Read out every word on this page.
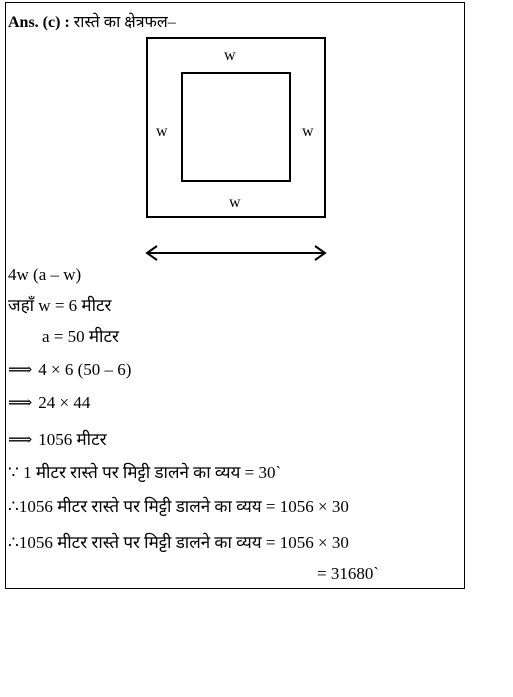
Ans. (c) : रास्ते का क्षेत्रफल–
w
w
w	w
4w (a – w)
जहाँ w = 6 मीटर
a = 50 मीटर
⟹ 4 × 6 (50 – 6)
⟹ 24 × 44
⟹ 1056 मीटर
∵ 1 मीटर रास्ते पर मिट्टी डालने का व्यय = 30`
∴1056 मीटर रास्ते पर मिट्टी डालने का व्यय = 1056 × 30
∴1056 मीटर रास्ते पर मिट्टी डालने का व्यय = 1056 × 30
= 31680`
